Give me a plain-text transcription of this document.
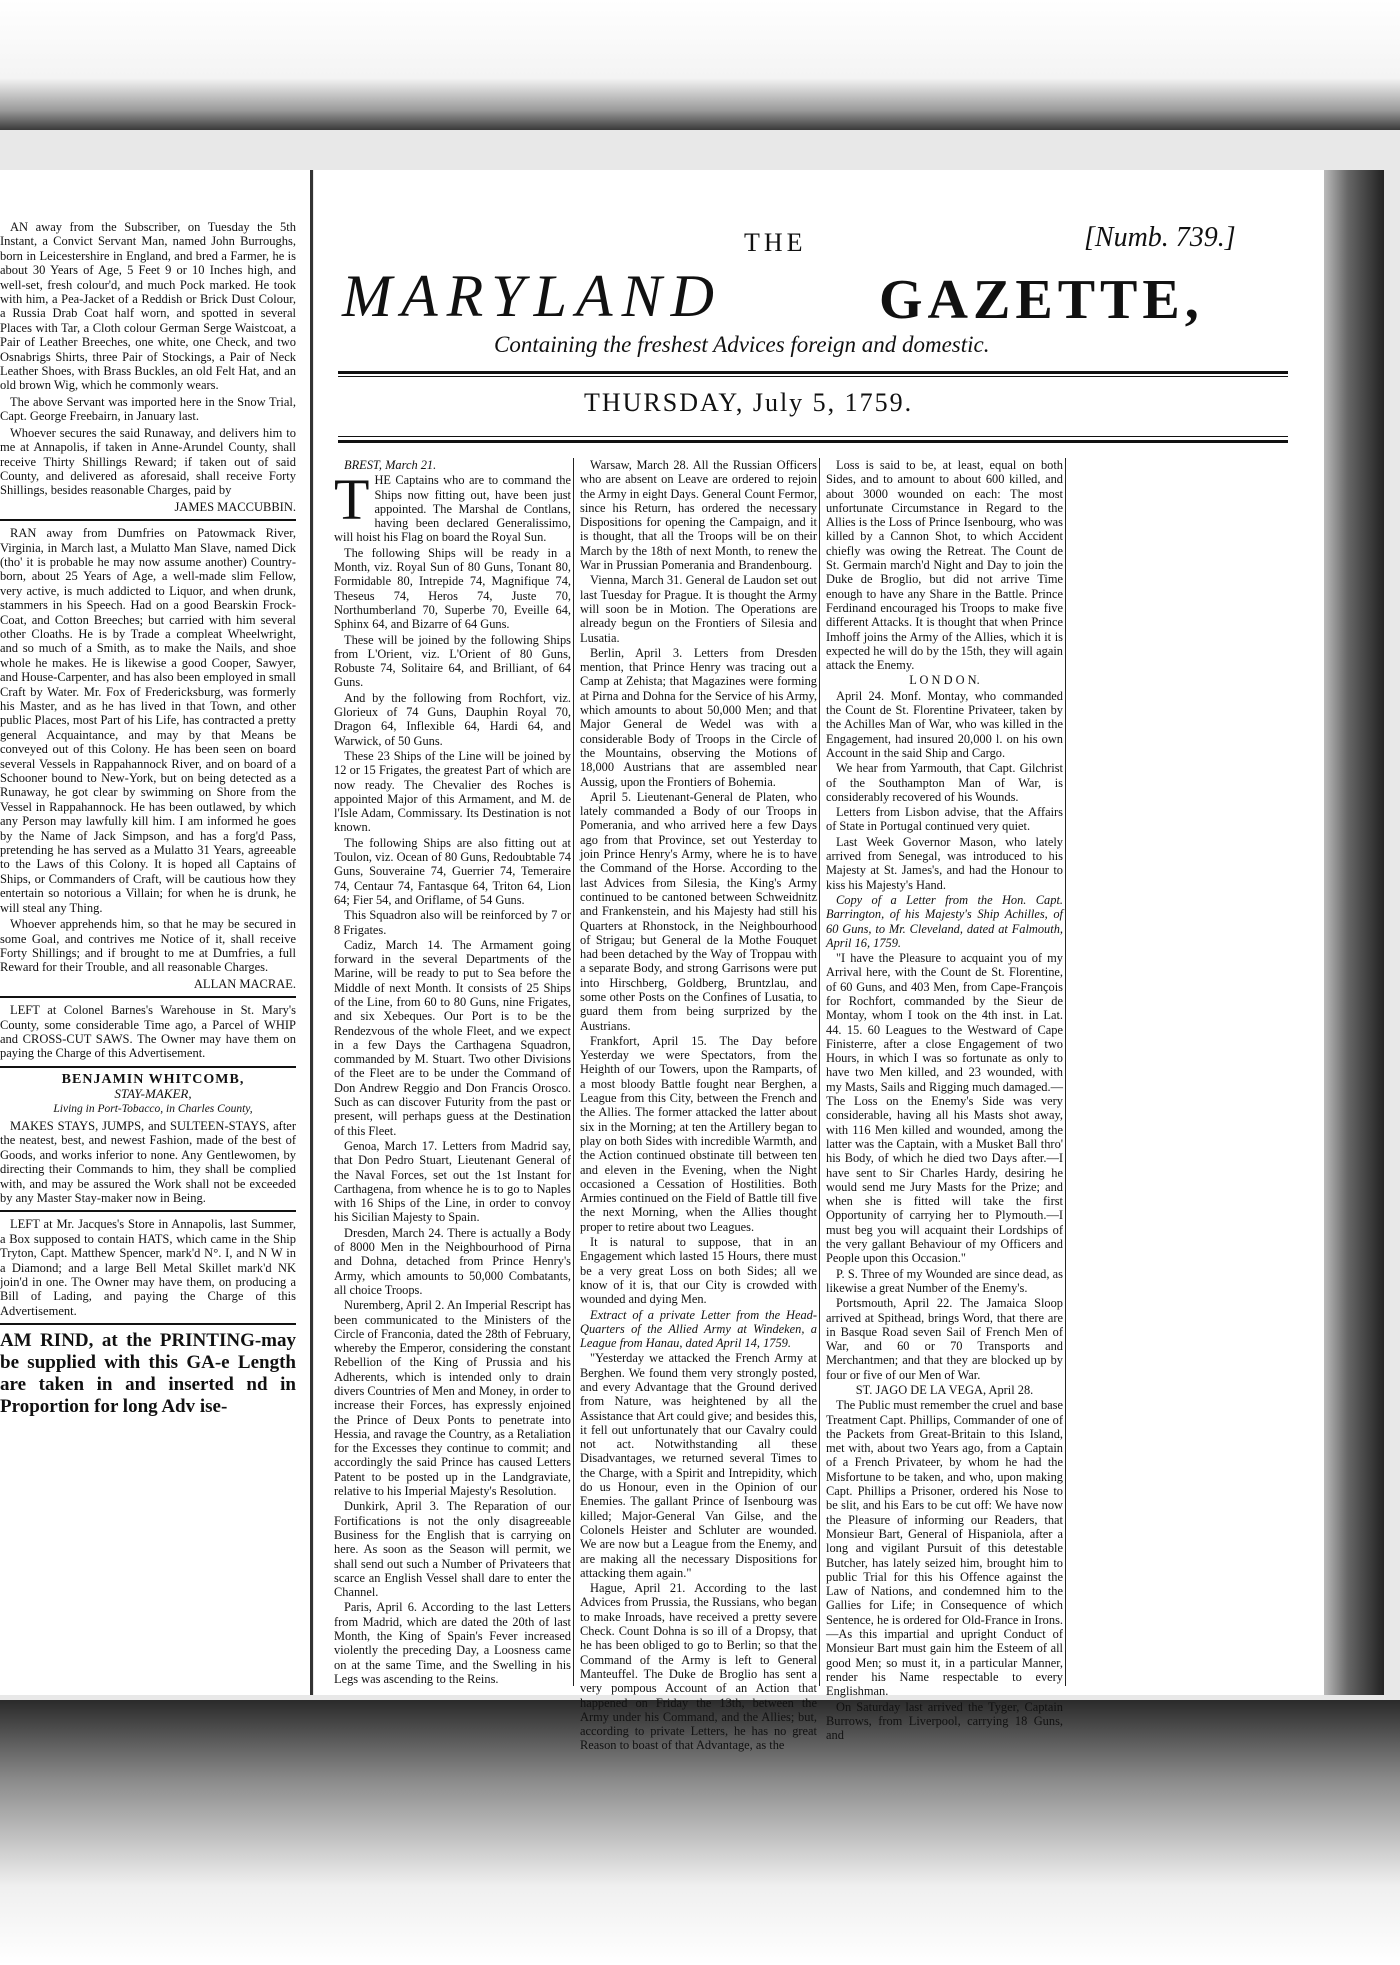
AN away from the Subscriber, on Tuesday the 5th Instant, a Convict Servant Man, named John Burroughs, born in Leicestershire in England, and bred a Farmer, he is about 30 Years of Age, 5 Feet 9 or 10 Inches high, and well-set, fresh colour'd, and much Pock marked. He took with him, a Pea-Jacket of a Reddish or Brick Dust Colour, a Russia Drab Coat half worn, and spotted in several Places with Tar, a Cloth colour German Serge Waistcoat, a Pair of Leather Breeches, one white, one Check, and two Osnabrigs Shirts, three Pair of Stockings, a Pair of Neck Leather Shoes, with Brass Buckles, an old Felt Hat, and an old brown Wig, which he commonly wears.

The above Servant was imported here in the Snow Trial, Capt. George Freebairn, in January last.

Whoever secures the said Runaway, and delivers him to me at Annapolis, if taken in Anne-Arundel County, shall receive Thirty Shillings Reward; if taken out of said County, and delivered as aforesaid, shall receive Forty Shillings, besides reasonable Charges, paid by

JAMES MACCUBBIN.

RAN away from Dumfries on Patowmack River, Virginia, in March last, a Mulatto Man Slave, named Dick (tho' it is probable he may now assume another) Country-born, about 25 Years of Age, a well-made slim Fellow, very active, is much addicted to Liquor, and when drunk, stammers in his Speech. Had on a good Bearskin Frock-Coat, and Cotton Breeches; but carried with him several other Cloaths. He is by Trade a compleat Wheelwright, and so much of a Smith, as to make the Nails, and shoe whole he makes. He is likewise a good Cooper, Sawyer, and House-Carpenter, and has also been employed in small Craft by Water. Mr. Fox of Fredericksburg, was formerly his Master, and as he has lived in that Town, and other public Places, most Part of his Life, has contracted a pretty general Acquaintance, and may by that Means be conveyed out of this Colony. He has been seen on board several Vessels in Rappahannock River, and on board of a Schooner bound to New-York, but on being detected as a Runaway, he got clear by swimming on Shore from the Vessel in Rappahannock. He has been outlawed, by which any Person may lawfully kill him. I am informed he goes by the Name of Jack Simpson, and has a forg'd Pass, pretending he has served as a Mulatto 31 Years, agreeable to the Laws of this Colony. It is hoped all Captains of Ships, or Commanders of Craft, will be cautious how they entertain so notorious a Villain; for when he is drunk, he will steal any Thing.

Whoever apprehends him, so that he may be secured in some Goal, and contrives me Notice of it, shall receive Forty Shillings; and if brought to me at Dumfries, a full Reward for their Trouble, and all reasonable Charges.

ALLAN MACRAE.

LEFT at Colonel Barnes's Warehouse in St. Mary's County, some considerable Time ago, a Parcel of WHIP and CROSS-CUT SAWS. The Owner may have them on paying the Charge of this Advertisement.

BENJAMIN WHITCOMB,

STAY-MAKER,

Living in Port-Tobacco, in Charles County,

MAKES STAYS, JUMPS, and SULTEEN-STAYS, after the neatest, best, and newest Fashion, made of the best of Goods, and works inferior to none. Any Gentlewomen, by directing their Commands to him, they shall be complied with, and may be assured the Work shall not be exceeded by any Master Stay-maker now in Being.

LEFT at Mr. Jacques's Store in Annapolis, last Summer, a Box supposed to contain HATS, which came in the Ship Tryton, Capt. Matthew Spencer, mark'd N°. I, and N W in a Diamond; and a large Bell Metal Skillet mark'd NK join'd in one. The Owner may have them, on producing a Bill of Lading, and paying the Charge of this Advertisement.

AM RIND, at the PRINTING-may be supplied with this GA-e Length are taken in and inserted nd in Proportion for long Adv ise-

THE	[Numb. 739.]
MARYLAND	GAZETTE,
Containing the freshest Advices foreign and domestic.
THURSDAY, July 5, 1759.

BREST, March 21.

THE Captains who are to command the Ships now fitting out, have been just appointed. The Marshal de Contlans, having been declared Generalissimo, will hoist his Flag on board the Royal Sun.

The following Ships will be ready in a Month, viz. Royal Sun of 80 Guns, Tonant 80, Formidable 80, Intrepide 74, Magnifique 74, Theseus 74, Heros 74, Juste 70, Northumberland 70, Superbe 70, Eveille 64, Sphinx 64, and Bizarre of 64 Guns.

These will be joined by the following Ships from L'Orient, viz. L'Orient of 80 Guns, Robuste 74, Solitaire 64, and Brilliant, of 64 Guns.

And by the following from Rochfort, viz. Glorieux of 74 Guns, Dauphin Royal 70, Dragon 64, Inflexible 64, Hardi 64, and Warwick, of 50 Guns.

These 23 Ships of the Line will be joined by 12 or 15 Frigates, the greatest Part of which are now ready. The Chevalier des Roches is appointed Major of this Armament, and M. de l'Isle Adam, Commissary. Its Destination is not known.

The following Ships are also fitting out at Toulon, viz. Ocean of 80 Guns, Redoubtable 74 Guns, Souveraine 74, Guerrier 74, Temeraire 74, Centaur 74, Fantasque 64, Triton 64, Lion 64; Fier 54, and Oriflame, of 54 Guns.

This Squadron also will be reinforced by 7 or 8 Frigates.

Cadiz, March 14. The Armament going forward in the several Departments of the Marine, will be ready to put to Sea before the Middle of next Month. It consists of 25 Ships of the Line, from 60 to 80 Guns, nine Frigates, and six Xebeques. Our Port is to be the Rendezvous of the whole Fleet, and we expect in a few Days the Carthagena Squadron, commanded by M. Stuart. Two other Divisions of the Fleet are to be under the Command of Don Andrew Reggio and Don Francis Orosco. Such as can discover Futurity from the past or present, will perhaps guess at the Destination of this Fleet.

Genoa, March 17. Letters from Madrid say, that Don Pedro Stuart, Lieutenant General of the Naval Forces, set out the 1st Instant for Carthagena, from whence he is to go to Naples with 16 Ships of the Line, in order to convoy his Sicilian Majesty to Spain.

Dresden, March 24. There is actually a Body of 8000 Men in the Neighbourhood of Pirna and Dohna, detached from Prince Henry's Army, which amounts to 50,000 Combatants, all choice Troops.

Nuremberg, April 2. An Imperial Rescript has been communicated to the Ministers of the Circle of Franconia, dated the 28th of February, whereby the Emperor, considering the constant Rebellion of the King of Prussia and his Adherents, which is intended only to drain divers Countries of Men and Money, in order to increase their Forces, has expressly enjoined the Prince of Deux Ponts to penetrate into Hessia, and ravage the Country, as a Retaliation for the Excesses they continue to commit; and accordingly the said Prince has caused Letters Patent to be posted up in the Landgraviate, relative to his Imperial Majesty's Resolution.

Dunkirk, April 3. The Reparation of our Fortifications is not the only disagreeable Business for the English that is carrying on here. As soon as the Season will permit, we shall send out such a Number of Privateers that scarce an English Vessel shall dare to enter the Channel.

Paris, April 6. According to the last Letters from Madrid, which are dated the 20th of last Month, the King of Spain's Fever increased violently the preceding Day, a Loosness came on at the same Time, and the Swelling in his Legs was ascending to the Reins.

Warsaw, March 28. All the Russian Officers who are absent on Leave are ordered to rejoin the Army in eight Days. General Count Fermor, since his Return, has ordered the necessary Dispositions for opening the Campaign, and it is thought, that all the Troops will be on their March by the 18th of next Month, to renew the War in Prussian Pomerania and Brandenbourg.

Vienna, March 31. General de Laudon set out last Tuesday for Prague. It is thought the Army will soon be in Motion. The Operations are already begun on the Frontiers of Silesia and Lusatia.

Berlin, April 3. Letters from Dresden mention, that Prince Henry was tracing out a Camp at Zehista; that Magazines were forming at Pirna and Dohna for the Service of his Army, which amounts to about 50,000 Men; and that Major General de Wedel was with a considerable Body of Troops in the Circle of the Mountains, observing the Motions of 18,000 Austrians that are assembled near Aussig, upon the Frontiers of Bohemia.

April 5. Lieutenant-General de Platen, who lately commanded a Body of our Troops in Pomerania, and who arrived here a few Days ago from that Province, set out Yesterday to join Prince Henry's Army, where he is to have the Command of the Horse. According to the last Advices from Silesia, the King's Army continued to be cantoned between Schweidnitz and Frankenstein, and his Majesty had still his Quarters at Rhonstock, in the Neighbourhood of Strigau; but General de la Mothe Fouquet had been detached by the Way of Troppau with a separate Body, and strong Garrisons were put into Hirschberg, Goldberg, Bruntzlau, and some other Posts on the Confines of Lusatia, to guard them from being surprized by the Austrians.

Frankfort, April 15. The Day before Yesterday we were Spectators, from the Heighth of our Towers, upon the Ramparts, of a most bloody Battle fought near Berghen, a League from this City, between the French and the Allies. The former attacked the latter about six in the Morning; at ten the Artillery began to play on both Sides with incredible Warmth, and the Action continued obstinate till between ten and eleven in the Evening, when the Night occasioned a Cessation of Hostilities. Both Armies continued on the Field of Battle till five the next Morning, when the Allies thought proper to retire about two Leagues.

It is natural to suppose, that in an Engagement which lasted 15 Hours, there must be a very great Loss on both Sides; all we know of it is, that our City is crowded with wounded and dying Men.

Extract of a private Letter from the Head-Quarters of the Allied Army at Windeken, a League from Hanau, dated April 14, 1759.

"Yesterday we attacked the French Army at Berghen. We found them very strongly posted, and every Advantage that the Ground derived from Nature, was heightened by all the Assistance that Art could give; and besides this, it fell out unfortunately that our Cavalry could not act. Notwithstanding all these Disadvantages, we returned several Times to the Charge, with a Spirit and Intrepidity, which do us Honour, even in the Opinion of our Enemies. The gallant Prince of Isenbourg was killed; Major-General Van Gilse, and the Colonels Heister and Schluter are wounded. We are now but a League from the Enemy, and are making all the necessary Dispositions for attacking them again."

Hague, April 21. According to the last Advices from Prussia, the Russians, who began to make Inroads, have received a pretty severe Check. Count Dohna is so ill of a Dropsy, that he has been obliged to go to Berlin; so that the Command of the Army is left to General Manteuffel. The Duke de Broglio has sent a very pompous Account of an Action that happened on Friday the 13th, between the Army under his Command, and the Allies; but, according to private Letters, he has no great Reason to boast of that Advantage, as the

Loss is said to be, at least, equal on both Sides, and to amount to about 600 killed, and about 3000 wounded on each: The most unfortunate Circumstance in Regard to the Allies is the Loss of Prince Isenbourg, who was killed by a Cannon Shot, to which Accident chiefly was owing the Retreat. The Count de St. Germain march'd Night and Day to join the Duke de Broglio, but did not arrive Time enough to have any Share in the Battle. Prince Ferdinand encouraged his Troops to make five different Attacks. It is thought that when Prince Imhoff joins the Army of the Allies, which it is expected he will do by the 15th, they will again attack the Enemy.

L O N D O N.

April 24. Monf. Montay, who commanded the Count de St. Florentine Privateer, taken by the Achilles Man of War, who was killed in the Engagement, had insured 20,000 l. on his own Account in the said Ship and Cargo.

We hear from Yarmouth, that Capt. Gilchrist of the Southampton Man of War, is considerably recovered of his Wounds.

Letters from Lisbon advise, that the Affairs of State in Portugal continued very quiet.

Last Week Governor Mason, who lately arrived from Senegal, was introduced to his Majesty at St. James's, and had the Honour to kiss his Majesty's Hand.

Copy of a Letter from the Hon. Capt. Barrington, of his Majesty's Ship Achilles, of 60 Guns, to Mr. Cleveland, dated at Falmouth, April 16, 1759.

"I have the Pleasure to acquaint you of my Arrival here, with the Count de St. Florentine, of 60 Guns, and 403 Men, from Cape-François for Rochfort, commanded by the Sieur de Montay, whom I took on the 4th inst. in Lat. 44. 15. 60 Leagues to the Westward of Cape Finisterre, after a close Engagement of two Hours, in which I was so fortunate as only to have two Men killed, and 23 wounded, with my Masts, Sails and Rigging much damaged.—The Loss on the Enemy's Side was very considerable, having all his Masts shot away, with 116 Men killed and wounded, among the latter was the Captain, with a Musket Ball thro' his Body, of which he died two Days after.—I have sent to Sir Charles Hardy, desiring he would send me Jury Masts for the Prize; and when she is fitted will take the first Opportunity of carrying her to Plymouth.—I must beg you will acquaint their Lordships of the very gallant Behaviour of my Officers and People upon this Occasion."

P. S. Three of my Wounded are since dead, as likewise a great Number of the Enemy's.

Portsmouth, April 22. The Jamaica Sloop arrived at Spithead, brings Word, that there are in Basque Road seven Sail of French Men of War, and 60 or 70 Transports and Merchantmen; and that they are blocked up by four or five of our Men of War.

ST. JAGO DE LA VEGA, April 28.

The Public must remember the cruel and base Treatment Capt. Phillips, Commander of one of the Packets from Great-Britain to this Island, met with, about two Years ago, from a Captain of a French Privateer, by whom he had the Misfortune to be taken, and who, upon making Capt. Phillips a Prisoner, ordered his Nose to be slit, and his Ears to be cut off: We have now the Pleasure of informing our Readers, that Monsieur Bart, General of Hispaniola, after a long and vigilant Pursuit of this detestable Butcher, has lately seized him, brought him to public Trial for this his Offence against the Law of Nations, and condemned him to the Gallies for Life; in Consequence of which Sentence, he is ordered for Old-France in Irons.—As this impartial and upright Conduct of Monsieur Bart must gain him the Esteem of all good Men; so must it, in a particular Manner, render his Name respectable to every Englishman.

On Saturday last arrived the Tyger, Captain Burrows, from Liverpool, carrying 18 Guns, and
